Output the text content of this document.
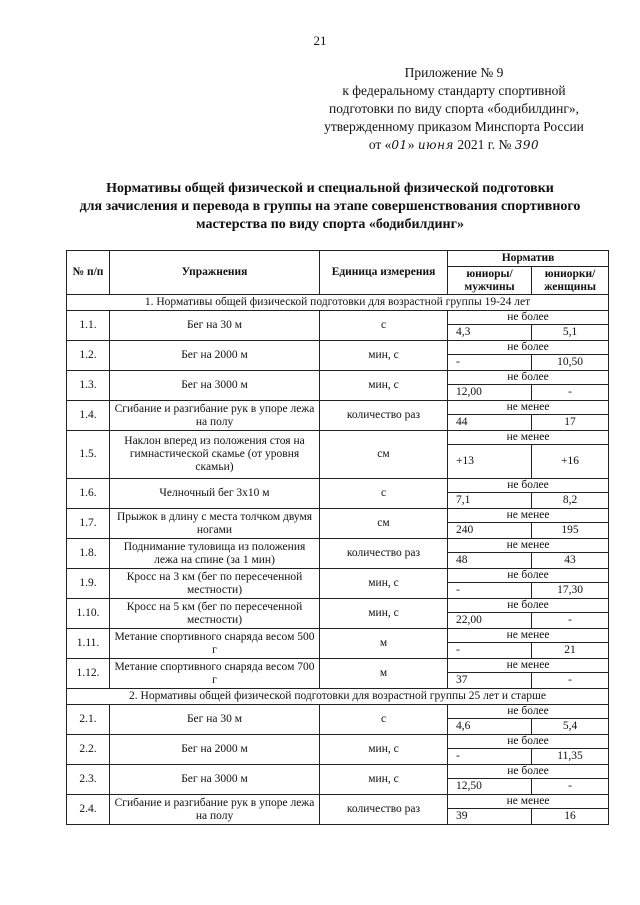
21
Приложение № 9
к федеральному стандарту спортивной
подготовки по виду спорта «бодибилдинг»,
утвержденному приказом Минспорта России
от «01» июня 2021 г. № 390
Нормативы общей физической и специальной физической подготовки
для зачисления и перевода в группы на этапе совершенствования спортивного
мастерства по виду спорта «бодибилдинг»
№ п/п	Упражнения	Единица измерения	Норматив	
			юниоры/ мужчины	юниорки/ женщины
1. Нормативы общей физической подготовки для возрастной группы 19-24 лет				
1.1.	Бег на 30 м	с	не более	
			4,3	5,1
1.2.	Бег на 2000 м	мин, с	не более	
			-	10,50
1.3.	Бег на 3000 м	мин, с	не более	
			12,00	-
1.4.	Сгибание и разгибание рук в упоре лежа на полу	количество раз	не менее	
			44	17
1.5.	Наклон вперед из положения стоя на гимнастической скамье (от уровня скамьи)	см	не менее	
			+13	+16
1.6.	Челночный бег 3х10 м	с	не более	
			7,1	8,2
1.7.	Прыжок в длину с места толчком двумя ногами	см	не менее	
			240	195
1.8.	Поднимание туловища из положения лежа на спине (за 1 мин)	количество раз	не менее	
			48	43
1.9.	Кросс на 3 км (бег по пересеченной местности)	мин, с	не более	
			-	17,30
1.10.	Кросс на 5 км (бег по пересеченной местности)	мин, с	не более	
			22,00	-
1.11.	Метание спортивного снаряда весом 500 г	м	не менее	
			-	21
1.12.	Метание спортивного снаряда весом 700 г	м	не менее	
			37	-
2. Нормативы общей физической подготовки для возрастной группы 25 лет и старше				
2.1.	Бег на 30 м	с	не более	
			4,6	5,4
2.2.	Бег на 2000 м	мин, с	не более	
			-	11,35
2.3.	Бег на 3000 м	мин, с	не более	
			12,50	-
2.4.	Сгибание и разгибание рук в упоре лежа на полу	количество раз	не менее	
			39	16
